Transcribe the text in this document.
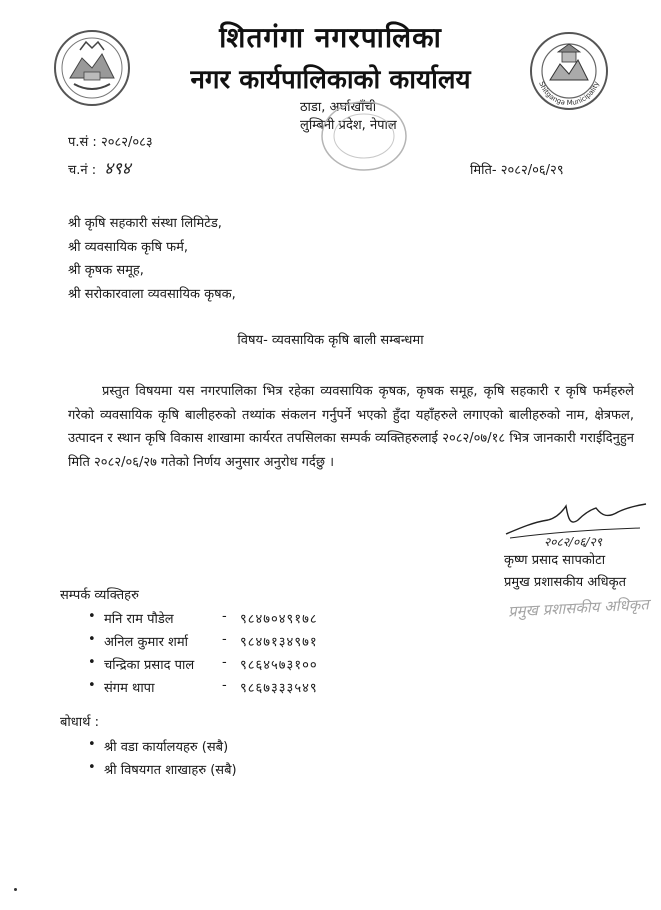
Shitganga Municipality
शितगंगा नगरपालिका
नगर कार्यपालिकाको कार्यालय
ठाडा, अर्घाखाँची
लुम्बिनी प्रदेश, नेपाल
प.सं : २०८२/०८३
च.नं : ४९४	मिति- २०८२/०६/२९
श्री कृषि सहकारी संस्था लिमिटेड,
श्री व्यवसायिक कृषि फर्म,
श्री कृषक समूह,
श्री सरोकारवाला व्यवसायिक कृषक,
विषय- व्यवसायिक कृषि बाली सम्बन्धमा
प्रस्तुत विषयमा यस नगरपालिका भित्र रहेका व्यवसायिक कृषक, कृषक समूह, कृषि सहकारी र कृषि फर्महरुले गरेको व्यवसायिक कृषि बालीहरुको तथ्यांक संकलन गर्नुपर्ने भएको हुँदा यहाँहरुले लगाएको बालीहरुको नाम, क्षेत्रफल, उत्पादन र स्थान कृषि विकास शाखामा कार्यरत तपसिलका सम्पर्क व्यक्तिहरुलाई २०८२/०७/१८ भित्र जानकारी गराईदिनुहुन मिति २०८२/०६/२७ गतेको निर्णय अनुसार अनुरोध गर्दछु ।
२०८२/०६/२९
कृष्ण प्रसाद सापकोटा
प्रमुख प्रशासकीय अधिकृत
प्रमुख प्रशासकीय अधिकृत
सम्पर्क व्यक्तिहरु
• मनि राम पौडेल	-	९८४७०४९१७८
• अनिल कुमार शर्मा	-	९८४७१३४९७१
• चन्द्रिका प्रसाद पाल	-	९८६४५७३१००
• संगम थापा	-	९८६७३३३५४९
बोधार्थ :
• श्री वडा कार्यालयहरु (सबै)
• श्री विषयगत शाखाहरु (सबै)
